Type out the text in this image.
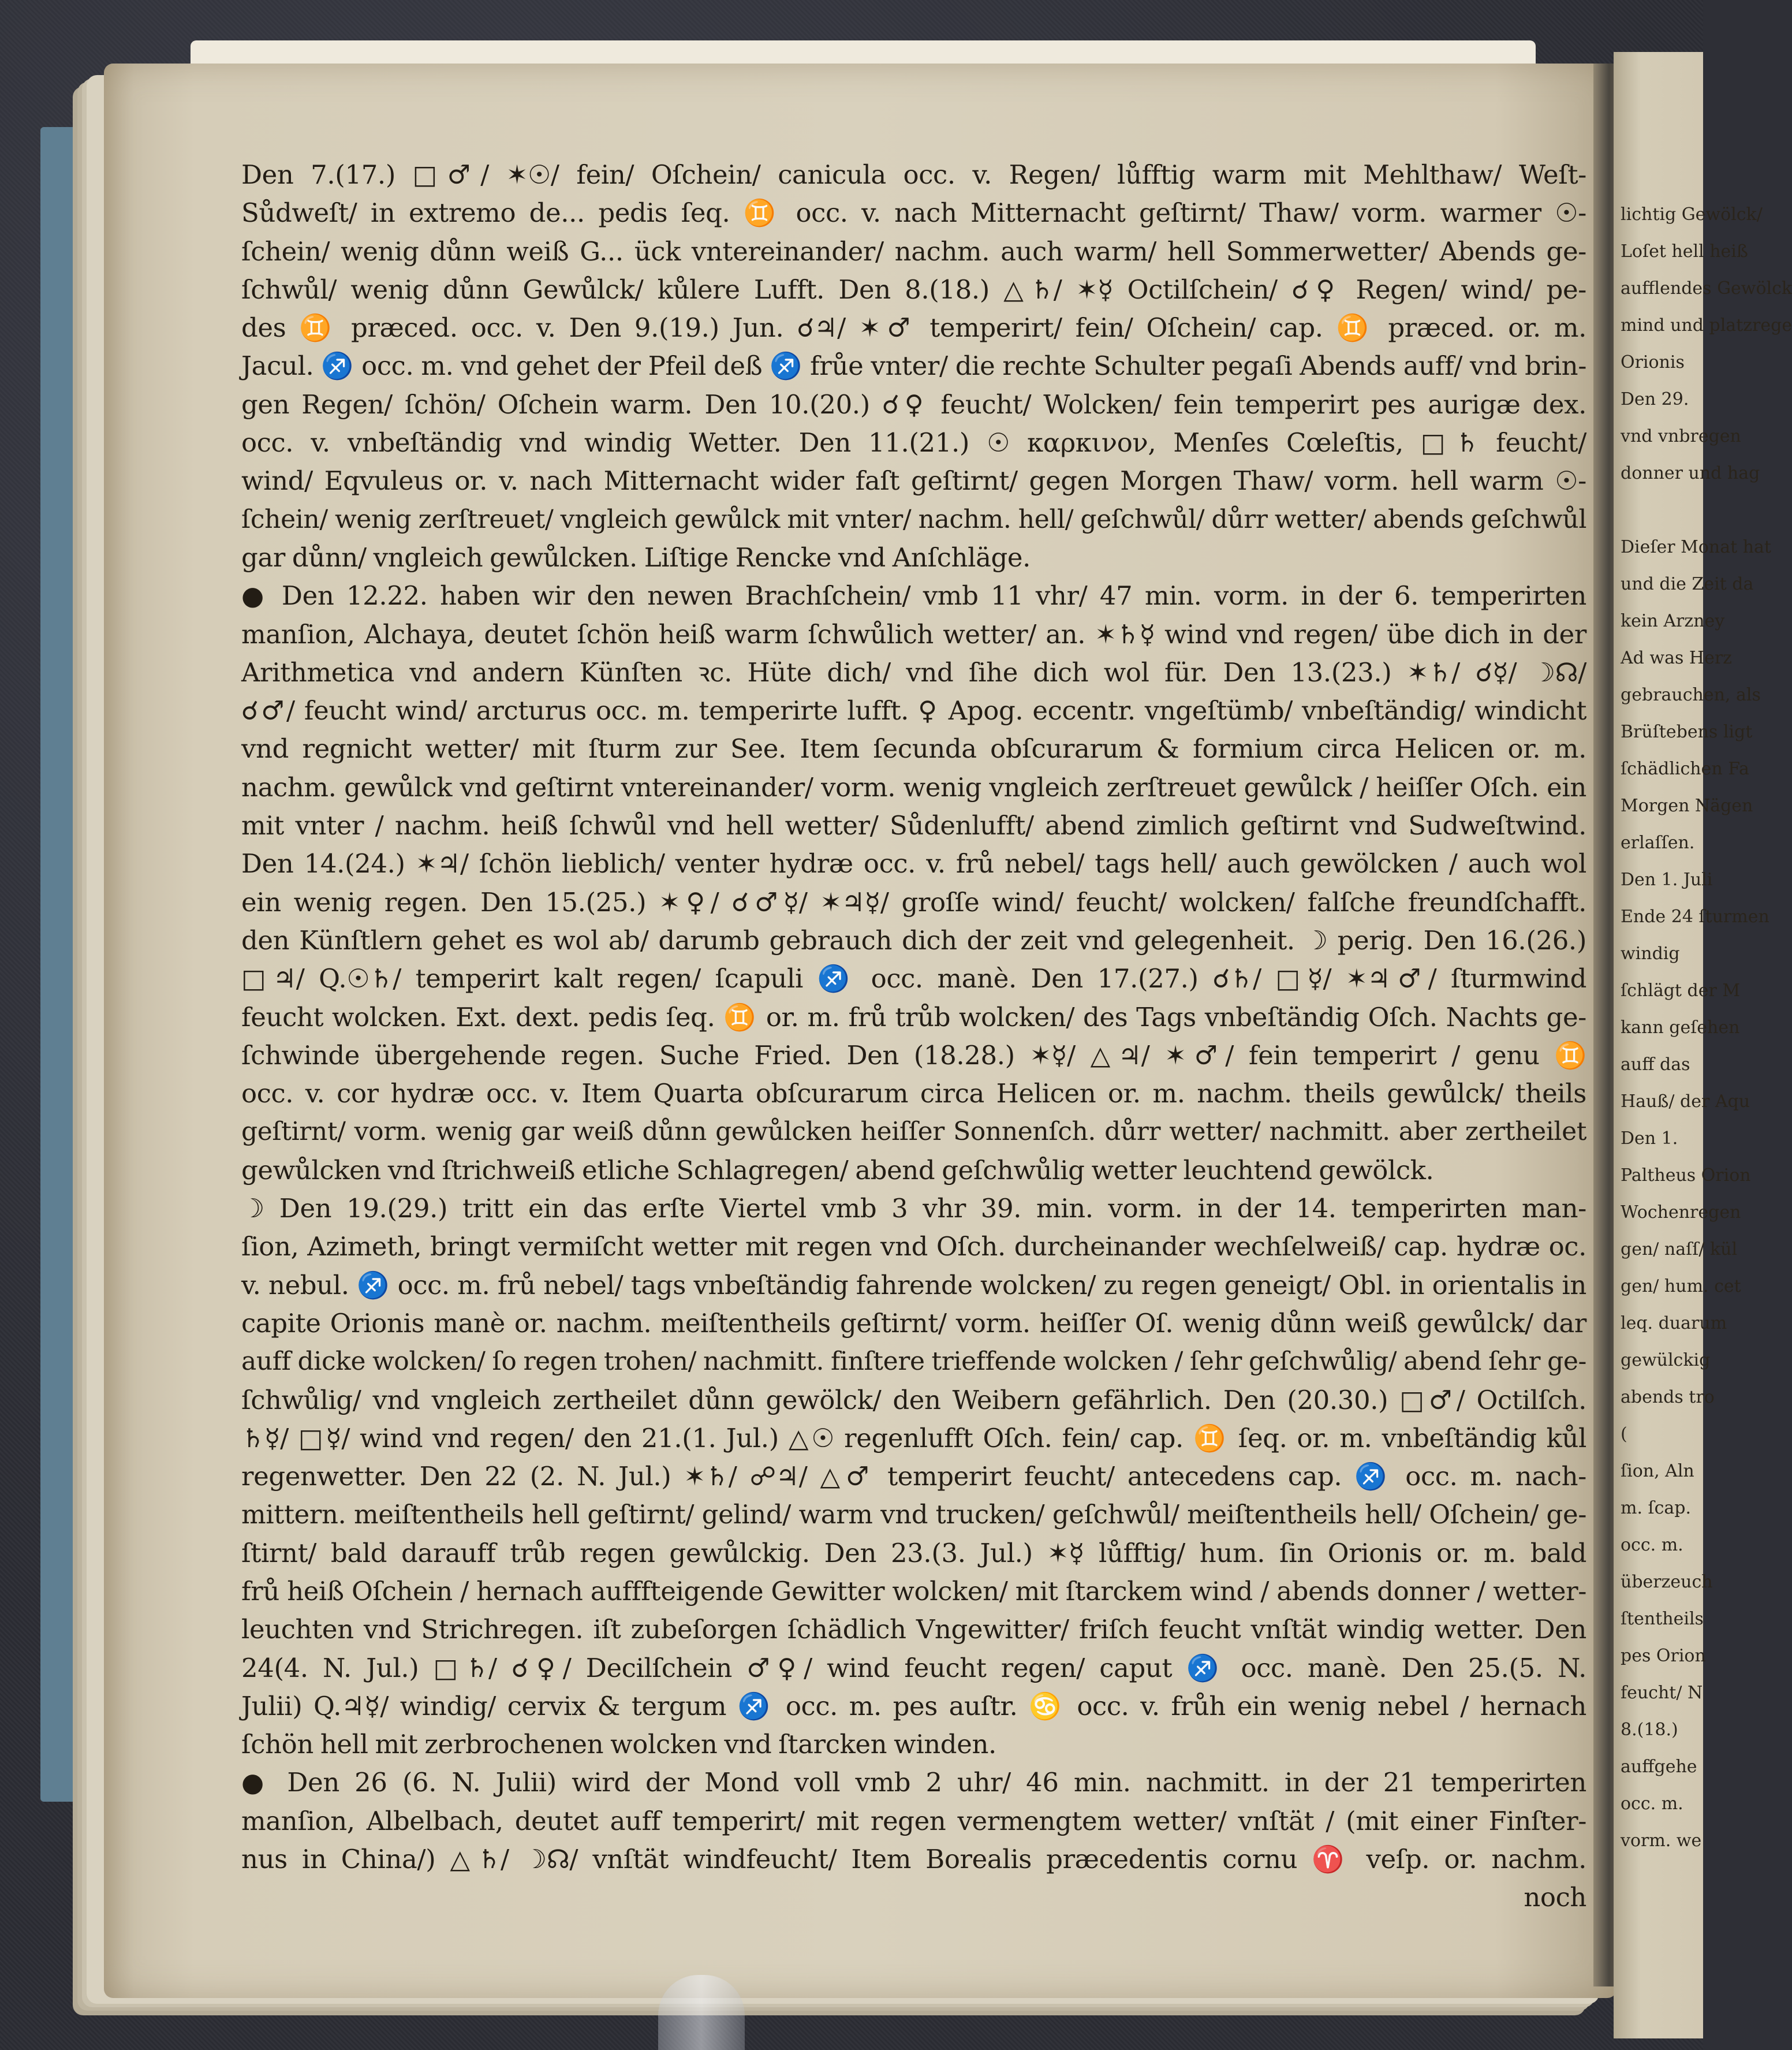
Den 7.(17.) □♂/ ✶☉/ fein/ Oſchein/ canicula occ. v. Regen/ lůfftig warm mit Mehlthaw/ Weſt-
Sůdweſt/ in extremo de... pedis ſeq. ♊ occ. v. nach Mitternacht geſtirnt/ Thaw/ vorm. warmer ☉-
ſchein/ wenig důnn weiß G... ück vntereinander/ nachm. auch warm/ hell Sommerwetter/ Abends ge-
ſchwůl/ wenig důnn Gewůlck/ kůlere Lufft. Den 8.(18.) △♄/ ✶☿ Octilſchein/ ☌♀ Regen/ wind/ pe-
des ♊ præced. occ. v. Den 9.(19.) Jun. ☌♃/ ✶♂ temperirt/ fein/ Oſchein/ cap. ♊ præced. or. m.
Jacul. ♐ occ. m. vnd gehet der Pfeil deß ♐ frůe vnter/ die rechte Schulter pegaſi Abends auff/ vnd brin-
gen Regen/ ſchön/ Oſchein warm. Den 10.(20.) ☌♀ feucht/ Wolcken/ fein temperirt pes aurigæ dex.
occ. v. vnbeſtändig vnd windig Wetter. Den 11.(21.) ☉ καρκινον, Menſes Cœleſtis, □♄ feucht/
wind/ Eqvuleus or. v. nach Mitternacht wider faſt geſtirnt/ gegen Morgen Thaw/ vorm. hell warm ☉-
ſchein/ wenig zerſtreuet/ vngleich gewůlck mit vnter/ nachm. hell/ geſchwůl/ důrr wetter/ abends geſchwůl
gar důnn/ vngleich gewůlcken. Liſtige Rencke vnd Anſchläge.
● Den 12.22. haben wir den newen Brachſchein/ vmb 11 vhr/ 47 min. vorm. in der 6. temperirten
manſion, Alchaya, deutet ſchön heiß warm ſchwůlich wetter/ an. ✶♄☿ wind vnd regen/ übe dich in der
Arithmetica vnd andern Künſten ꝛc. Hüte dich/ vnd ſihe dich wol für. Den 13.(23.) ✶♄/ ☌☿/ ☽☊/
☌♂/ feucht wind/ arcturus occ. m. temperirte lufft. ♀ Apog. eccentr. vngeſtümb/ vnbeſtändig/ windicht
vnd regnicht wetter/ mit ſturm zur See. Item ſecunda obſcurarum & formium circa Helicen or. m.
nachm. gewůlck vnd geſtirnt vntereinander/ vorm. wenig vngleich zerſtreuet gewůlck / heiſſer Oſch. ein
mit vnter / nachm. heiß ſchwůl vnd hell wetter/ Sůdenlufft/ abend zimlich geſtirnt vnd Sudweſtwind.
Den 14.(24.) ✶♃/ ſchön lieblich/ venter hydræ occ. v. frů nebel/ tags hell/ auch gewölcken / auch wol
ein wenig regen. Den 15.(25.) ✶♀/ ☌♂☿/ ✶♃☿/ groſſe wind/ feucht/ wolcken/ falſche freundſchafft.
den Künſtlern gehet es wol ab/ darumb gebrauch dich der zeit vnd gelegenheit. ☽ perig. Den 16.(26.)
□♃/ Q.☉♄/ temperirt kalt regen/ ſcapuli ♐ occ. manè. Den 17.(27.) ☌♄/ □☿/ ✶♃♂/ ſturmwind
feucht wolcken. Ext. dext. pedis ſeq. ♊ or. m. frů trůb wolcken/ des Tags vnbeſtändig Oſch. Nachts ge-
ſchwinde übergehende regen. Suche Fried. Den (18.28.) ✶☿/ △♃/ ✶♂/ fein temperirt / genu ♊
occ. v. cor hydræ occ. v. Item Quarta obſcurarum circa Helicen or. m. nachm. theils gewůlck/ theils
geſtirnt/ vorm. wenig gar weiß důnn gewůlcken heiſſer Sonnenſch. důrr wetter/ nachmitt. aber zertheilet
gewůlcken vnd ſtrichweiß etliche Schlagregen/ abend geſchwůlig wetter leuchtend gewölck.
☽ Den 19.(29.) tritt ein das erſte Viertel vmb 3 vhr 39. min. vorm. in der 14. temperirten man-
ſion, Azimeth, bringt vermiſcht wetter mit regen vnd Oſch. durcheinander wechſelweiß/ cap. hydræ oc.
v. nebul. ♐ occ. m. frů nebel/ tags vnbeſtändig fahrende wolcken/ zu regen geneigt/ Obl. in orientalis in
capite Orionis manè or. nachm. meiſtentheils geſtirnt/ vorm. heiſſer Oſ. wenig důnn weiß gewůlck/ dar
auff dicke wolcken/ ſo regen trohen/ nachmitt. finſtere trieffende wolcken / ſehr geſchwůlig/ abend ſehr ge-
ſchwůlig/ vnd vngleich zertheilet důnn gewölck/ den Weibern gefährlich. Den (20.30.) □♂/ Octilſch.
♄☿/ □☿/ wind vnd regen/ den 21.(1. Jul.) △☉ regenlufft Oſch. fein/ cap. ♊ ſeq. or. m. vnbeſtändig kůl
regenwetter. Den 22 (2. N. Jul.) ✶♄/ ☍♃/ △♂ temperirt feucht/ antecedens cap. ♐ occ. m. nach-
mittern. meiſtentheils hell geſtirnt/ gelind/ warm vnd trucken/ geſchwůl/ meiſtentheils hell/ Oſchein/ ge-
ſtirnt/ bald darauff trůb regen gewůlckig. Den 23.(3. Jul.) ✶☿ lůfftig/ hum. ſin Orionis or. m. bald
frů heiß Oſchein / hernach aufffteigende Gewitter wolcken/ mit ſtarckem wind / abends donner / wetter-
leuchten vnd Strichregen. iſt zubeſorgen ſchädlich Vngewitter/ friſch feucht vnſtät windig wetter. Den
24(4. N. Jul.) □♄/ ☌♀/ Decilſchein ♂♀/ wind feucht regen/ caput ♐ occ. manè. Den 25.(5. N.
Julii) Q.♃☿/ windig/ cervix & tergum ♐ occ. m. pes auſtr. ♋ occ. v. frůh ein wenig nebel / hernach
ſchön hell mit zerbrochenen wolcken vnd ſtarcken winden.
● Den 26 (6. N. Julii) wird der Mond voll vmb 2 uhr/ 46 min. nachmitt. in der 21 temperirten
manſion, Albelbach, deutet auff temperirt/ mit regen vermengtem wetter/ vnſtät / (mit einer Finſter-
nus in China/) △♄/ ☽☊/ vnſtät windfeucht/ Item Borealis præcedentis cornu ♈ veſp. or. nachm.
noch
lichtig Gewölck/
Loſet hell heiß
aufflendes Gewölck
mind und platzrege
Orionis
Den 29.
vnd vnbregen
donner und hag
Dieſer Monat hat
und die Zeit da
kein Arzney
Ad was Herz
gebrauchen, als
Brüſtebens ligt
ſchädlichen Fa
Morgen Nägen
erlaſſen.
Den 1. Juli
Ende 24 ſturmen
windig
ſchlägt der M
kann geſehen
auff das
Hauß/ der Aqu
Den 1.
Paltheus Orion
Wochenregen
gen/ naſſ/ kül
gen/ hum. cet
leq. duarum
gewülckig
abends tro
(
ſion, Aln
m. ſcap.
occ. m.
überzeuch
ſtentheils
pes Orion
feucht/ N
8.(18.)
auffgehe
occ. m.
vorm. we
